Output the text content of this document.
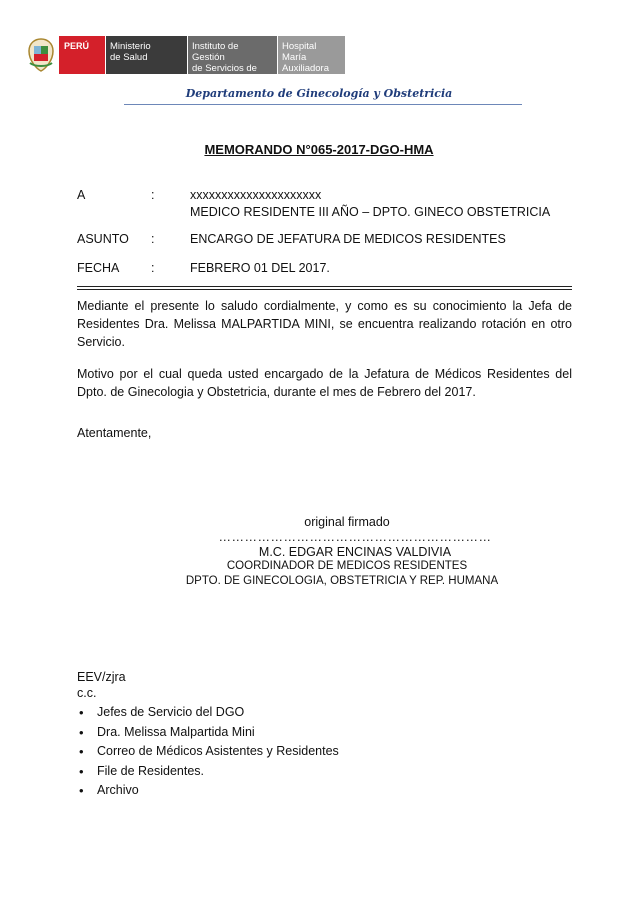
PERÚ	Ministerio
de Salud
Instituto de Gestión
de Servicios de Salud
Hospital María
Auxiliadora
Departamento de Ginecología y Obstetricia
MEMORANDO N°065-2017-DGO-HMA
A	:	xxxxxxxxxxxxxxxxxxxxx
MEDICO RESIDENTE III AÑO – DPTO. GINECO OBSTETRICIA
ASUNTO :	ENCARGO DE JEFATURA DE MEDICOS RESIDENTES
FECHA	:	FEBRERO 01 DEL 2017.
Mediante el presente lo saludo cordialmente, y como es su conocimiento la Jefa de Residentes Dra. Melissa MALPARTIDA MINI, se encuentra realizando rotación en otro Servicio.
Motivo por el cual queda usted encargado de la Jefatura de Médicos Residentes del Dpto. de Ginecologia y Obstetricia, durante el mes de Febrero del 2017.
Atentamente,
original firmado
………………………………………………………
M.C. EDGAR ENCINAS VALDIVIA
COORDINADOR DE MEDICOS RESIDENTES
DPTO. DE GINECOLOGIA, OBSTETRICIA Y REP. HUMANA
EEV/zjra
c.c.
• Jefes de Servicio del DGO
• Dra. Melissa Malpartida Mini
• Correo de Médicos Asistentes y Residentes
• File de Residentes.
• Archivo
